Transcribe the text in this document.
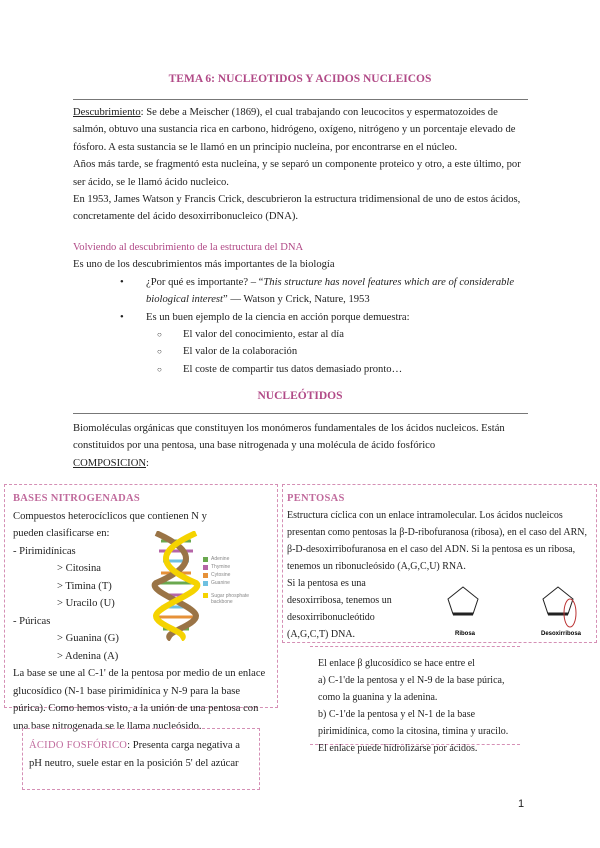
TEMA 6: NUCLEOTIDOS Y ACIDOS NUCLEICOS
Descubrimiento: Se debe a Meischer (1869), el cual trabajando con leucocitos y espermatozoides de salmón, obtuvo una sustancia rica en carbono, hidrógeno, oxígeno, nitrógeno y un porcentaje elevado de fósforo. A esta sustancia se le llamó en un principio nucleína, por encontrarse en el núcleo.
Años más tarde, se fragmentó esta nucleína, y se separó un componente proteico y otro, a este último, por ser ácido, se le llamó ácido nucleico.
En 1953, James Watson y Francis Crick, descubrieron la estructura tridimensional de uno de estos ácidos, concretamente del ácido desoxirribonucleico (DNA).
Volviendo al descubrimiento de la estructura del DNA
Es uno de los descubrimientos más importantes de la biología
• ¿Por qué es importante? – “This structure has novel features which are of considerable biological interest” — Watson y Crick, Nature, 1953
• Es un buen ejemplo de la ciencia en acción porque demuestra:
○ El valor del conocimiento, estar al día
○ El valor de la colaboración
○ El coste de compartir tus datos demasiado pronto…
NUCLEÓTIDOS
Biomoléculas orgánicas que constituyen los monómeros fundamentales de los ácidos nucleicos. Están constituidos por una pentosa, una base nitrogenada y una molécula de ácido fosfórico
COMPOSICION:
BASES NITROGENADAS
Compuestos heterocíclicos que contienen N y pueden clasificarse en:
- Pirimidínicas
> Citosina
> Timina (T)
> Uracilo (U)
- Púricas
> Guanina (G)
> Adenina (A)
La base se une al C-1' de la pentosa por medio de un enlace glucosídico (N-1 base pirimidínica y N-9 para la base púrica). Como hemos visto, a la unión de una pentosa con una base nitrogenada se le llama nucleósido.
Adenine
Thymine
Cytosine
Guanine
Sugar phosphate backbone
PENTOSAS
Estructura cíclica con un enlace intramolecular. Los ácidos nucleicos presentan como pentosas la β-D-ribofuranosa (ribosa), en el caso del ARN, β-D-desoxirribofuranosa en el caso del ADN. Si la pentosa es un ribosa, tenemos un ribonucleósido (A,G,C,U) RNA.
Si la pentosa es una desoxirribosa, tenemos un desoxirribonucleótido (A,G,C,T) DNA.	Ribosa	Desoxirribosa
El enlace β glucosídico se hace entre el
a) C-1'de la pentosa y el N-9 de la base púrica, como la guanina y la adenina.
b) C-1'de la pentosa y el N-1 de la base pirimidínica, como la citosina, timina y uracilo. El enlace puede hidrolizarse por ácidos.
ÁCIDO FOSFÓRICO: Presenta carga negativa a pH neutro, suele estar en la posición 5' del azúcar
1
